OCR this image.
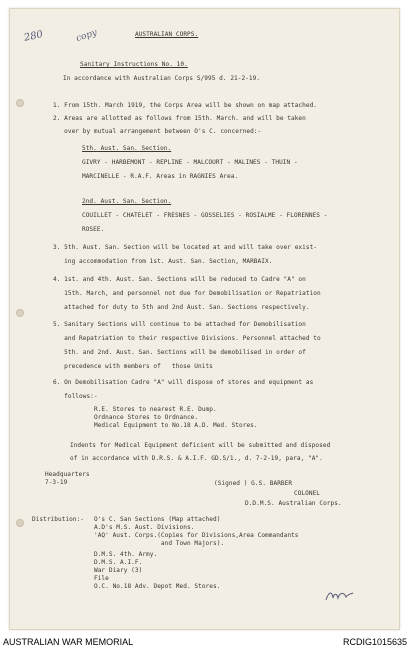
280	copy	AUSTRALIAN CORPS.
Sanitary Instructions No. 10.
In accordance with Australian Corps S/995 d. 21-2-19.
1. From 15th. March 1919, the Corps Area will be shown on map attached.
2. Areas are allotted as follows from 15th. March. and will be taken
over by mutual arrangement between O's C. concerned:-
5th. Aust. San. Section.
GIVRY - HARBEMONT - REPLINE - MALCOURT - MALINES - THUIN -
MARCINELLE - R.A.F. Areas in RAGNIES Area.
2nd. Aust. San. Section.
COUILLET - CHATELET - FRESNES - GOSSELIES - ROSIALME - FLORENNES -
ROSEE.
3. 5th. Aust. San. Section will be located at and will take over exist-
ing accommodation from 1st. Aust. San. Section, MARBAIX.
4. 1st. and 4th. Aust. San. Sections will be reduced to Cadre "A" on
15th. March, and personnel not due for Demobilisation or Repatriation
attached for duty to 5th and 2nd Aust. San. Sections respectively.
5. Sanitary Sections will continue to be attached for Demobilisation
and Repatriation to their respective Divisions. Personnel attached to
5th. and 2nd. Aust. San. Sections will be demobilised in order of
precedence with members of   those Units
6. On Demobilisation Cadre "A" will dispose of stores and equipment as
follows:-
R.E. Stores to nearest R.E. Dump.
Ordnance Stores to Ordnance.
Medical Equipment to No.18 A.D. Med. Stores.
Indents for Medical Equipment deficient will be submitted and disposed
of in accordance with D.R.S. & A.I.F. GD.S/1., d. 7-2-19, para, "A".
Headquarters
7-3-19	(Signed ) G.S. BARBER
COLONEL
D.D.M.S. Australian Corps.
Distribution:- O's C. San Sections (Map attached)
A.D's M.S. Aust. Divisions.
'AQ' Aust. Corps.(Copies for Divisions,Area Commandants
and Town Majors).
D.M.S. 4th. Army.
D.M.S. A.I.F.
War Diary (3)
File
O.C. No.18 Adv. Depot Med. Stores.
AUSTRALIAN WAR MEMORIAL	RCDIG1015635
